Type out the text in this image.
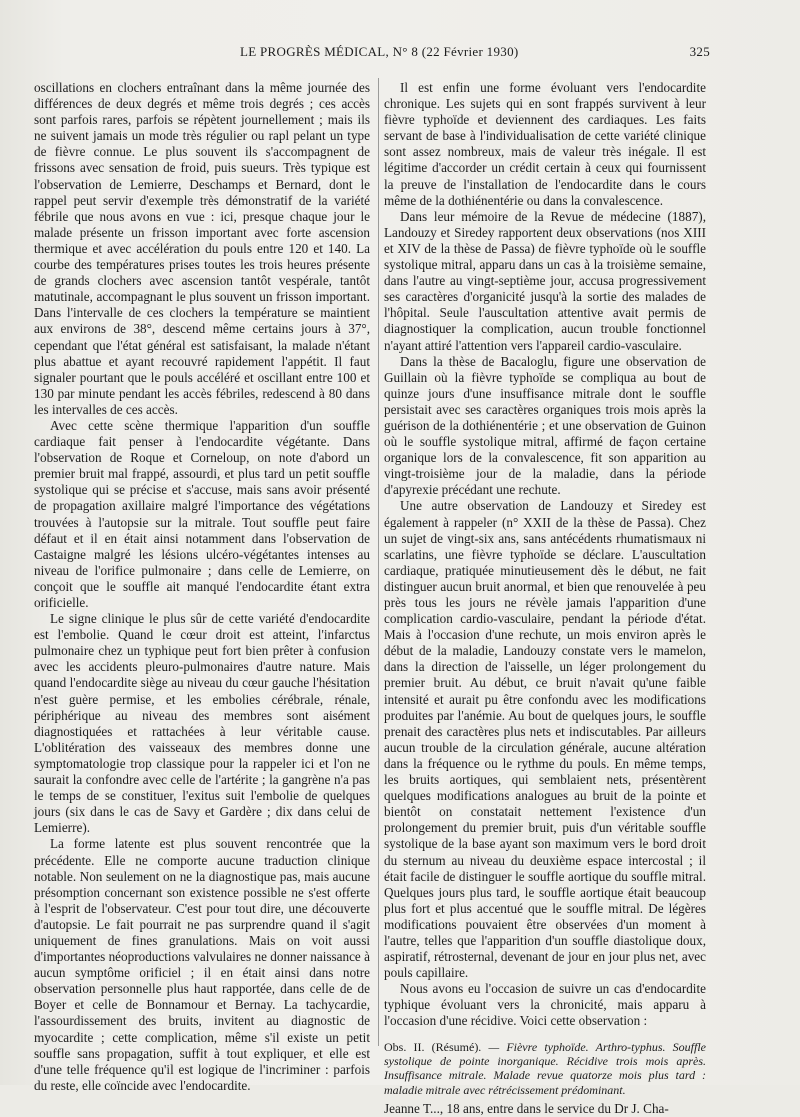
LE PROGRÈS MÉDICAL, N° 8 (22 Février 1930)	325

oscillations en clochers entraînant dans la même journée des différences de deux degrés et même trois degrés ; ces accès sont parfois rares, parfois se répètent journellement ; mais ils ne suivent jamais un mode très régulier ou rapl pelant un type de fièvre connue. Le plus souvent ils s'accompagnent de frissons avec sensation de froid, puis sueurs. Très typique est l'observation de Lemierre, Deschamps et Bernard, dont le rappel peut servir d'exemple très démonstratif de la variété fébrile que nous avons en vue : ici, presque chaque jour le malade présente un frisson important avec forte ascension thermique et avec accélération du pouls entre 120 et 140. La courbe des températures prises toutes les trois heures présente de grands clochers avec ascension tantôt vespérale, tantôt matutinale, accompagnant le plus souvent un frisson important. Dans l'intervalle de ces clochers la température se maintient aux environs de 38°, descend même certains jours à 37°, cependant que l'état général est satisfaisant, la malade n'étant plus abattue et ayant recouvré rapidement l'appétit. Il faut signaler pourtant que le pouls accéléré et oscillant entre 100 et 130 par minute pendant les accès fébriles, redescend à 80 dans les intervalles de ces accès.

Avec cette scène thermique l'apparition d'un souffle cardiaque fait penser à l'endocardite végétante. Dans l'observation de Roque et Corneloup, on note d'abord un premier bruit mal frappé, assourdi, et plus tard un petit souffle systolique qui se précise et s'accuse, mais sans avoir présenté de propagation axillaire malgré l'importance des végétations trouvées à l'autopsie sur la mitrale. Tout souffle peut faire défaut et il en était ainsi notamment dans l'observation de Castaigne malgré les lésions ulcéro-végétantes intenses au niveau de l'orifice pulmonaire ; dans celle de Lemierre, on conçoit que le souffle ait manqué l'endocardite étant extra orificielle.

Le signe clinique le plus sûr de cette variété d'endocardite est l'embolie. Quand le cœur droit est atteint, l'infarctus pulmonaire chez un typhique peut fort bien prêter à confusion avec les accidents pleuro-pulmonaires d'autre nature. Mais quand l'endocardite siège au niveau du cœur gauche l'hésitation n'est guère permise, et les embolies cérébrale, rénale, périphérique au niveau des membres sont aisément diagnostiquées et rattachées à leur véritable cause. L'oblitération des vaisseaux des membres donne une symptomatologie trop classique pour la rappeler ici et l'on ne saurait la confondre avec celle de l'artérite ; la gangrène n'a pas le temps de se constituer, l'exitus suit l'embolie de quelques jours (six dans le cas de Savy et Gardère ; dix dans celui de Lemierre).

La forme latente est plus souvent rencontrée que la précédente. Elle ne comporte aucune traduction clinique notable. Non seulement on ne la diagnostique pas, mais aucune présomption concernant son existence possible ne s'est offerte à l'esprit de l'observateur. C'est pour tout dire, une découverte d'autopsie. Le fait pourrait ne pas surprendre quand il s'agit uniquement de fines granulations. Mais on voit aussi d'importantes néoproductions valvulaires ne donner naissance à aucun symptôme orificiel ; il en était ainsi dans notre observation personnelle plus haut rapportée, dans celle de de Boyer et celle de Bonnamour et Bernay. La tachycardie, l'assourdissement des bruits, invitent au diagnostic de myocardite ; cette complication, même s'il existe un petit souffle sans propagation, suffit à tout expliquer, et elle est d'une telle fréquence qu'il est logique de l'incriminer : parfois du reste, elle coïncide avec l'endocardite.

Il est enfin une forme évoluant vers l'endocardite chronique. Les sujets qui en sont frappés survivent à leur fièvre typhoïde et deviennent des cardiaques. Les faits servant de base à l'individualisation de cette variété clinique sont assez nombreux, mais de valeur très inégale. Il est légitime d'accorder un crédit certain à ceux qui fournissent la preuve de l'installation de l'endocardite dans le cours même de la dothiénentérie ou dans la convalescence.

Dans leur mémoire de la Revue de médecine (1887), Landouzy et Siredey rapportent deux observations (nos XIII et XIV de la thèse de Passa) de fièvre typhoïde où le souffle systolique mitral, apparu dans un cas à la troisième semaine, dans l'autre au vingt-septième jour, accusa progressivement ses caractères d'organicité jusqu'à la sortie des malades de l'hôpital. Seule l'auscultation attentive avait permis de diagnostiquer la complication, aucun trouble fonctionnel n'ayant attiré l'attention vers l'appareil cardio-vasculaire.

Dans la thèse de Bacaloglu, figure une observation de Guillain où la fièvre typhoïde se compliqua au bout de quinze jours d'une insuffisance mitrale dont le souffle persistait avec ses caractères organiques trois mois après la guérison de la dothiénentérie ; et une observation de Guinon où le souffle systolique mitral, affirmé de façon certaine organique lors de la convalescence, fit son apparition au vingt-troisième jour de la maladie, dans la période d'apyrexie précédant une rechute.

Une autre observation de Landouzy et Siredey est également à rappeler (n° XXII de la thèse de Passa). Chez un sujet de vingt-six ans, sans antécédents rhumatismaux ni scarlatins, une fièvre typhoïde se déclare. L'auscultation cardiaque, pratiquée minutieusement dès le début, ne fait distinguer aucun bruit anormal, et bien que renouvelée à peu près tous les jours ne révèle jamais l'apparition d'une complication cardio-vasculaire, pendant la période d'état. Mais à l'occasion d'une rechute, un mois environ après le début de la maladie, Landouzy constate vers le mamelon, dans la direction de l'aisselle, un léger prolongement du premier bruit. Au début, ce bruit n'avait qu'une faible intensité et aurait pu être confondu avec les modifications produites par l'anémie. Au bout de quelques jours, le souffle prenait des caractères plus nets et indiscutables. Par ailleurs aucun trouble de la circulation générale, aucune altération dans la fréquence ou le rythme du pouls. En même temps, les bruits aortiques, qui semblaient nets, présentèrent quelques modifications analogues au bruit de la pointe et bientôt on constatait nettement l'existence d'un prolongement du premier bruit, puis d'un véritable souffle systolique de la base ayant son maximum vers le bord droit du sternum au niveau du deuxième espace intercostal ; il était facile de distinguer le souffle aortique du souffle mitral. Quelques jours plus tard, le souffle aortique était beaucoup plus fort et plus accentué que le souffle mitral. De légères modifications pouvaient être observées d'un moment à l'autre, telles que l'apparition d'un souffle diastolique doux, aspiratif, rétrosternal, devenant de jour en jour plus net, avec pouls capillaire.

Nous avons eu l'occasion de suivre un cas d'endocardite typhique évoluant vers la chronicité, mais apparu à l'occasion d'une récidive. Voici cette observation :

Obs. II. (Résumé). — Fièvre typhoïde. Arthro-typhus. Souffle systolique de pointe inorganique. Récidive trois mois après. Insuffisance mitrale. Malade revue quatorze mois plus tard : maladie mitrale avec rétrécissement prédominant.

Jeanne T..., 18 ans, entre dans le service du Dr J. Cha-
